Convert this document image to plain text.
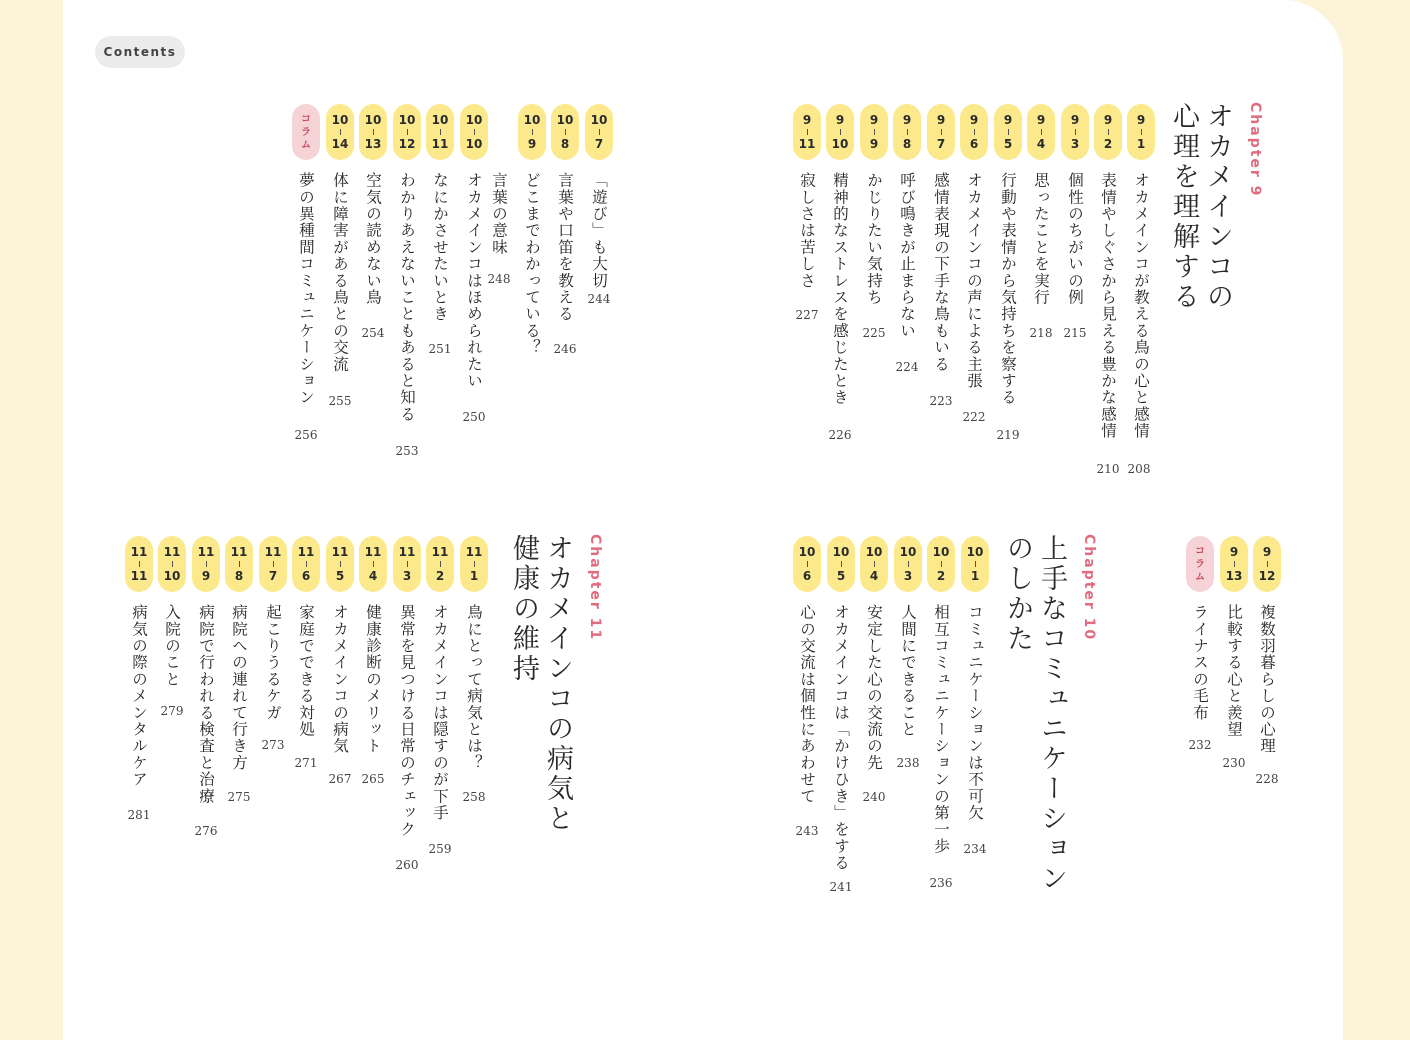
Contents
Chapter 9
オカメインコの
心理を理解する
9
1
オカメインコが教える鳥の心と感情
208
9
2
表情やしぐさから見える豊かな感情
210
9
3
個性のちがいの例
215
9
4
思ったことを実行
218
9
5
行動や表情から気持ちを察する
219
9
6
オカメインコの声による主張
222
9
7
感情表現の下手な鳥もいる
223
9
8
呼び鳴きが止まらない
224
9
9
かじりたい気持ち
225
9
10
精神的なストレスを感じたとき
226
9
11
寂しさは苦しさ
227
10
7
「遊び」も大切
244
10
8
言葉や口笛を教える
246
10
9
どこまでわかっている？
言葉の意味
248
10
10
オカメインコはほめられたい
250
10
11
なにかさせたいとき
251
10
12
わかりあえないこともあると知る
253
10
13
空気の読めない鳥
254
10
14
体に障害がある鳥との交流
255
コ
ラ
ム
夢の異種間コミュニケーション
256
9
12
複数羽暮らしの心理
228
9
13
比較する心と羨望
230
コ
ラ
ム
ライナスの毛布
232
Chapter 10
上手なコミュニケーション
のしかた
10
1
コミュニケーションは不可欠
234
10
2
相互コミュニケーションの第一歩
236
10
3
人間にできること
238
10
4
安定した心の交流の先
240
10
5
オカメインコは「かけひき」をする
241
10
6
心の交流は個性にあわせて
243
Chapter 11
オカメインコの病気と
健康の維持
11
1
鳥にとって病気とは？
258
11
2
オカメインコは隠すのが下手
259
11
3
異常を見つける日常のチェック
260
11
4
健康診断のメリット
265
11
5
オカメインコの病気
267
11
6
家庭でできる対処
271
11
7
起こりうるケガ
273
11
8
病院への連れて行き方
275
11
9
病院で行われる検査と治療
276
11
10
入院のこと
279
11
11
病気の際のメンタルケア
281
